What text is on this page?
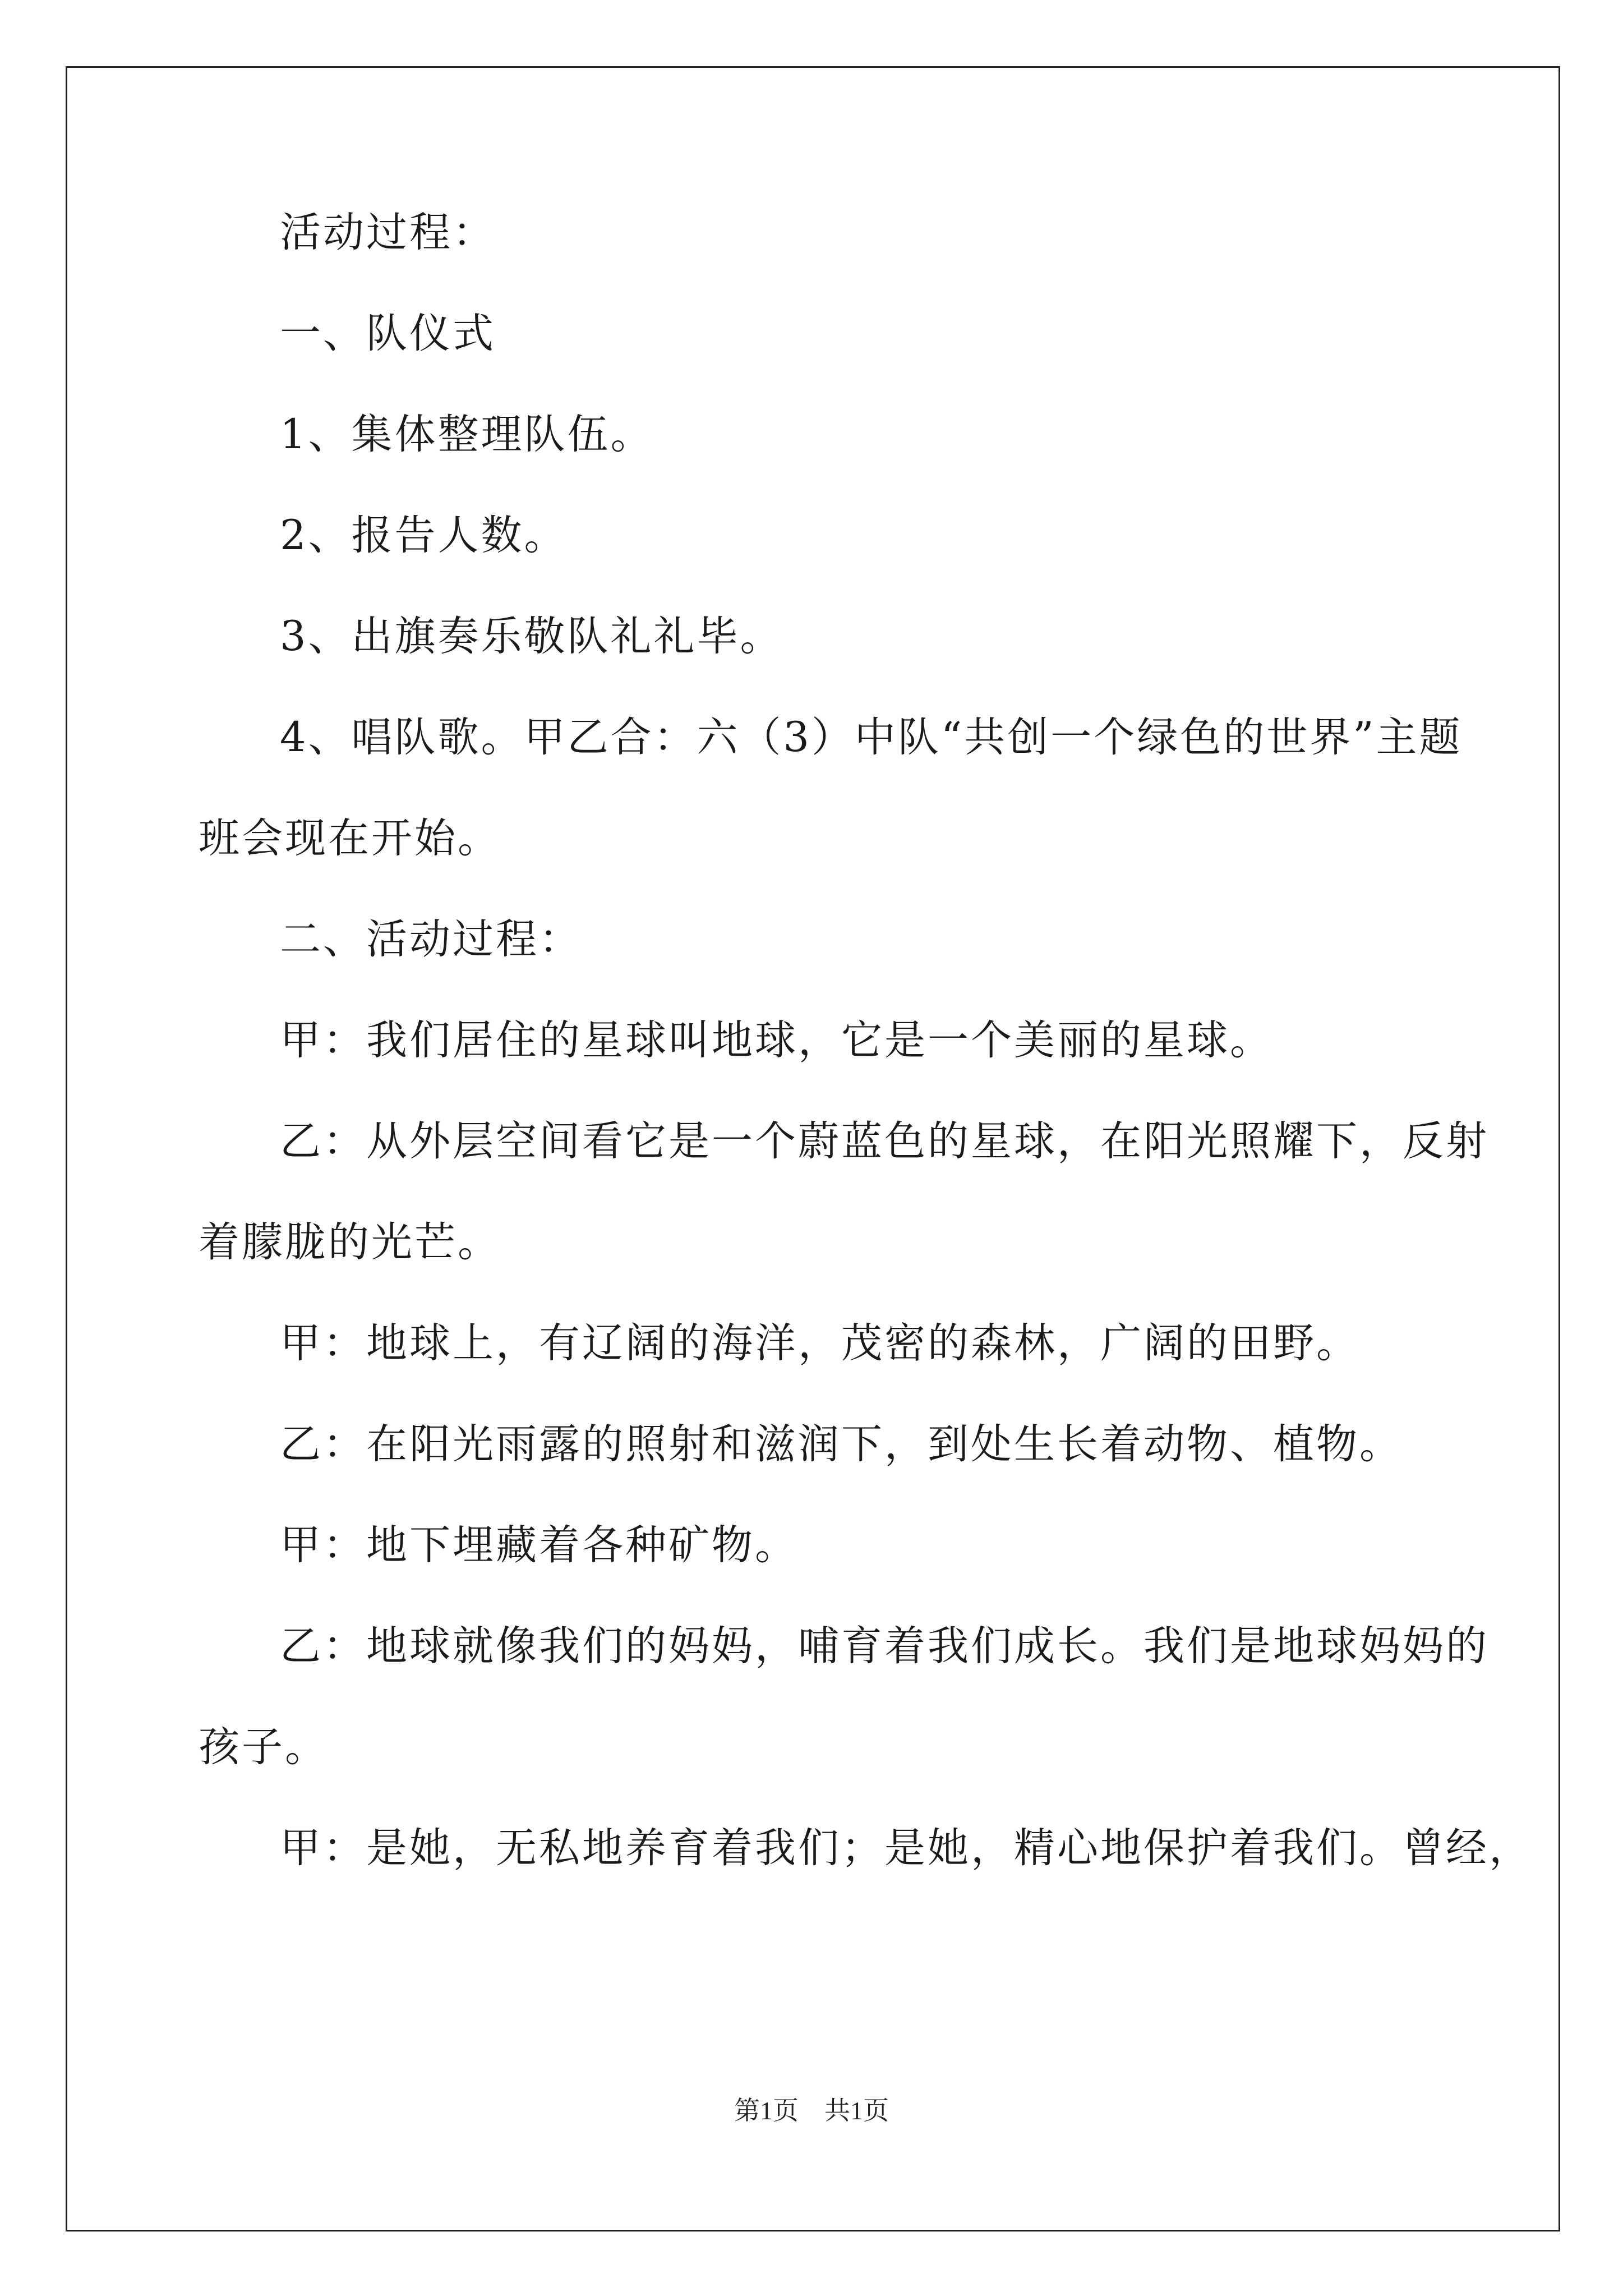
活动过程：
一、队仪式
1、集体整理队伍。
2、报告人数。
3、出旗奏乐敬队礼礼毕。
4、唱队歌。甲乙合：六（3）中队“共创一个绿色的世界”主题
班会现在开始。
二、活动过程：
甲：我们居住的星球叫地球，它是一个美丽的星球。
乙：从外层空间看它是一个蔚蓝色的星球，在阳光照耀下，反射
着朦胧的光芒。
甲：地球上，有辽阔的海洋，茂密的森林，广阔的田野。
乙：在阳光雨露的照射和滋润下，到处生长着动物、植物。
甲：地下埋藏着各种矿物。
乙：地球就像我们的妈妈，哺育着我们成长。我们是地球妈妈的
孩子。
甲：是她，无私地养育着我们；是她，精心地保护着我们。曾经，
第1页　共1页
